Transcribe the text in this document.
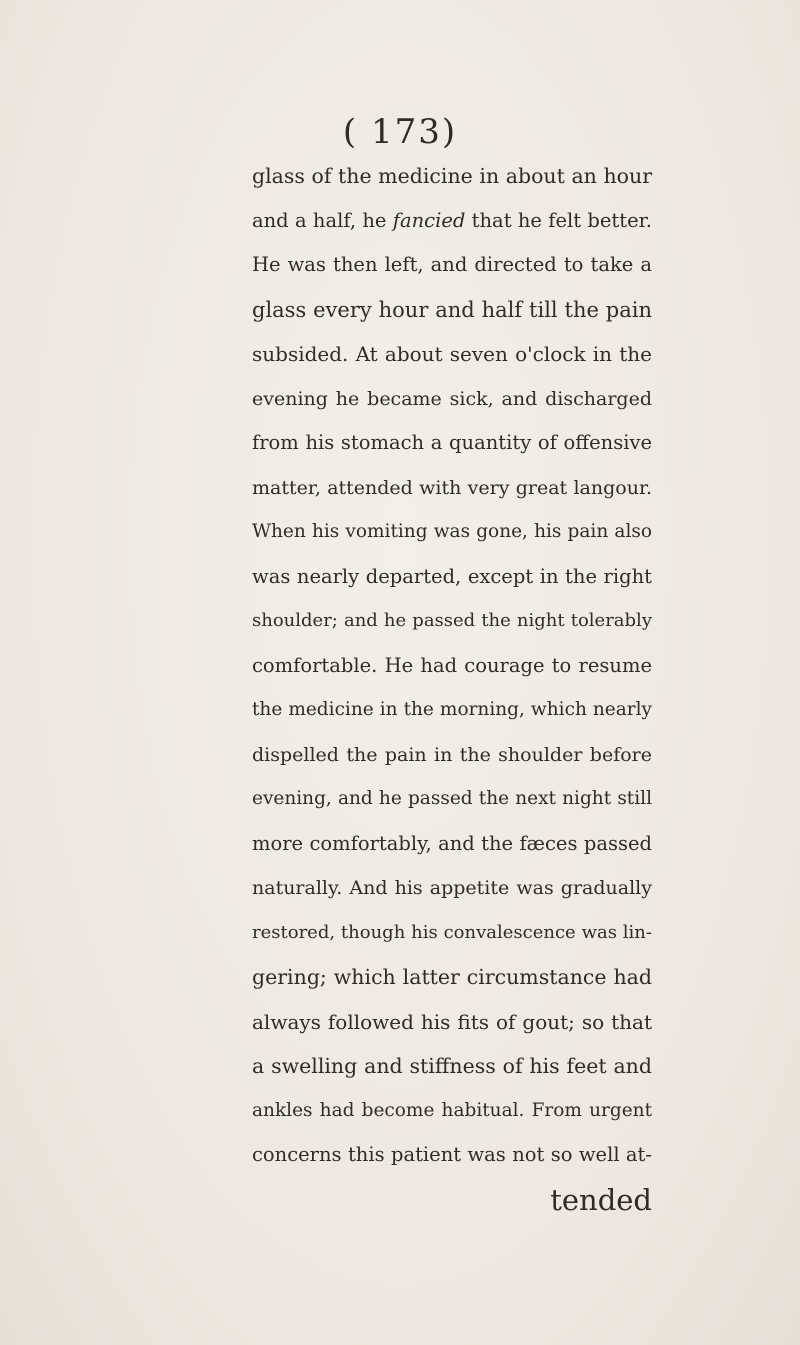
( 173)
glass of the medicine in about an hour
and a half, he fancied that he felt better.
He was then left, and directed to take a
glass every hour and half till the pain
subsided. At about seven o'clock in the
evening he became sick, and discharged
from his stomach a quantity of offensive
matter, attended with very great langour.
When his vomiting was gone, his pain also
was nearly departed, except in the right
shoulder; and he passed the night tolerably
comfortable. He had courage to resume
the medicine in the morning, which nearly
dispelled the pain in the shoulder before
evening, and he passed the next night still
more comfortably, and the fæces passed
naturally. And his appetite was gradually
restored, though his convalescence was lin-
gering; which latter circumstance had
always followed his fits of gout; so that
a swelling and stiffness of his feet and
ankles had become habitual. From urgent
concerns this patient was not so well at-
tended
